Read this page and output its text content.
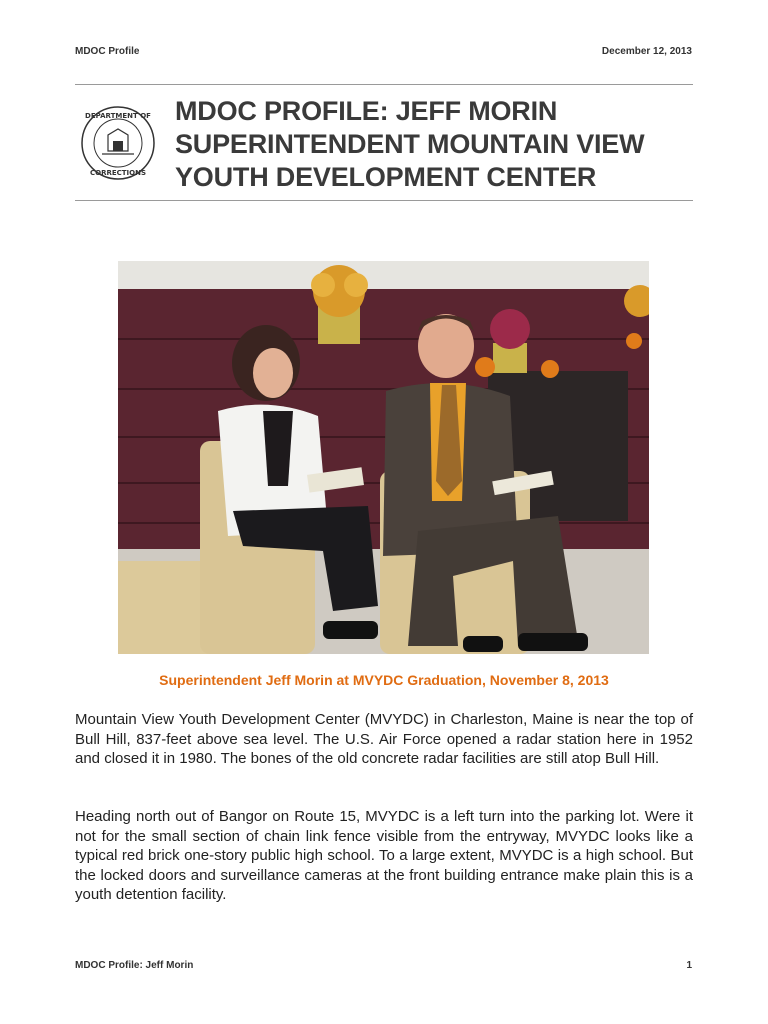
MDOC Profile	December 12, 2013
DEPARTMENT OF
CORRECTIONS
MDOC PROFILE: JEFF MORIN
SUPERINTENDENT MOUNTAIN VIEW
YOUTH DEVELOPMENT CENTER
Superintendent Jeff Morin at MVYDC Graduation, November 8, 2013

Mountain View Youth Development Center (MVYDC) in Charleston, Maine is near the top of Bull Hill, 837-feet above sea level. The U.S. Air Force opened a radar station here in 1952 and closed it in 1980. The bones of the old concrete radar facilities are still atop Bull Hill.

Heading north out of Bangor on Route 15, MVYDC is a left turn into the parking lot. Were it not for the small section of chain link fence visible from the entryway, MVYDC looks like a typical red brick one-story public high school. To a large extent, MVYDC is a high school. But the locked doors and surveillance cameras at the front building entrance make plain this is a youth detention facility.

MDOC Profile: Jeff Morin	1
